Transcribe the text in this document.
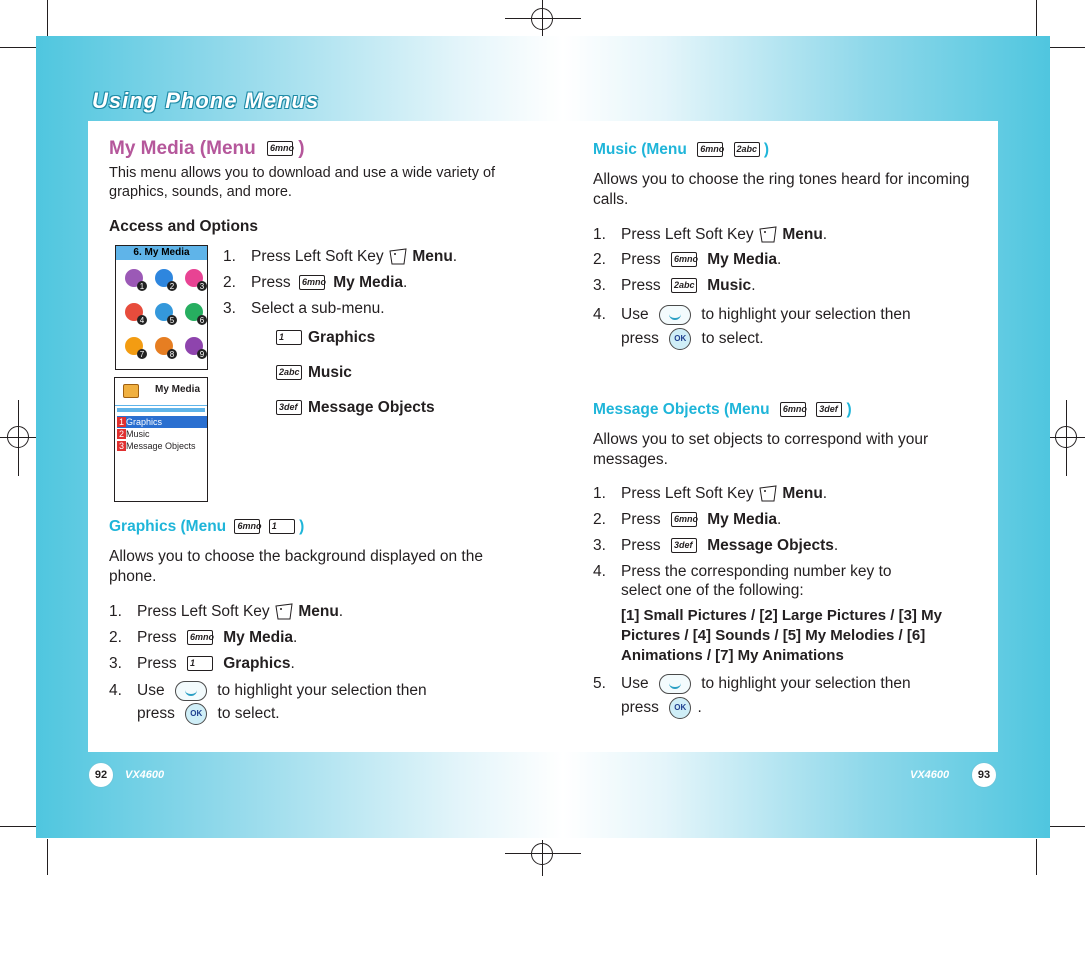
Using Phone Menus
My Media (Menu 6mno )
This menu allows you to download and use a wide variety of graphics, sounds, and more.
Access and Options
6. My Media
1	2	3
4	5	6
7	8	9
My Media
1 Graphics
2 Music
3 Message Objects
1. Press Left Soft Key Menu.
2. Press 6mno My Media.
3. Select a sub-menu.
1 Graphics
2abc Music
3def Message Objects
Graphics (Menu 6mno 1 )
Allows you to choose the background displayed on the phone.
1. Press Left Soft Key Menu.
2. Press 6mno My Media.
3. Press 1 Graphics.
4. Use	to highlight your selection then
press OK to select.
Music (Menu 6mno 2abc )
Allows you to choose the ring tones heard for incoming calls.
1. Press Left Soft Key Menu.
2. Press 6mno My Media.
3. Press 2abc Music.
4. Use	to highlight your selection then
press OK to select.
Message Objects (Menu 6mno 3def )
Allows you to set objects to correspond with your messages.
1. Press Left Soft Key Menu.
2. Press 6mno My Media.
3. Press 3def Message Objects.
4. Press the corresponding number key to
select one of the following:
[1] Small Pictures / [2] Large Pictures / [3] My Pictures / [4] Sounds / [5] My Melodies / [6] Animations / [7] My Animations
5. Use	to highlight your selection then
press OK .
92	VX4600	VX4600	93
